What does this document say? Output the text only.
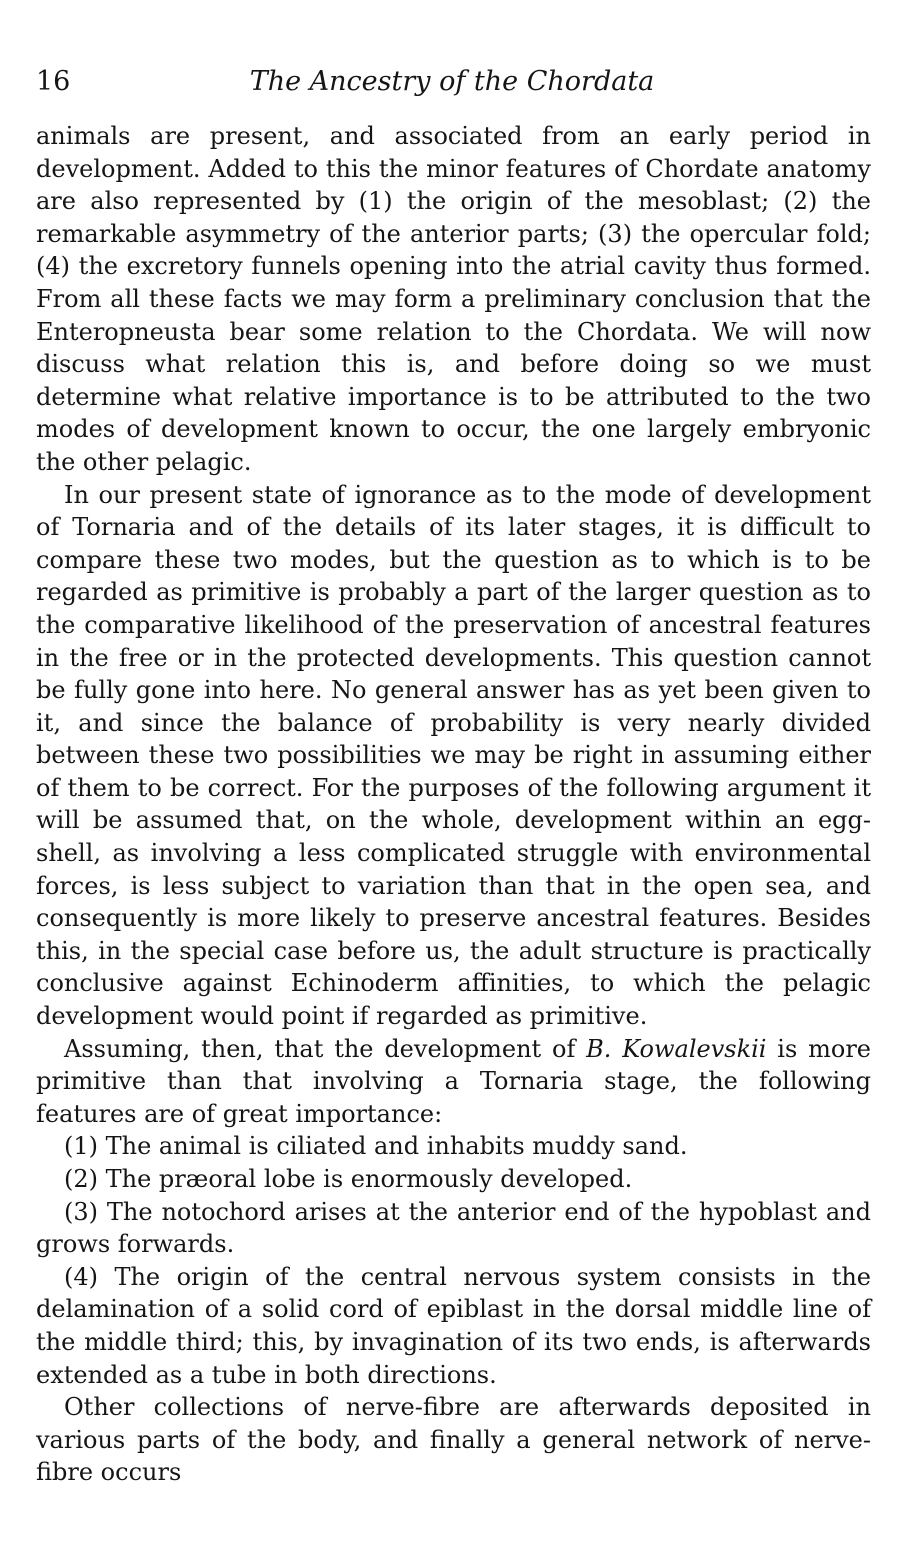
16	The Ancestry of the Chordata

animals are present, and associated from an early period in development. Added to this the minor features of Chordate anatomy are also represented by (1) the origin of the mesoblast; (2) the remarkable asymmetry of the anterior parts; (3) the opercular fold; (4) the excretory funnels opening into the atrial cavity thus formed. From all these facts we may form a preliminary conclusion that the Enteropneusta bear some relation to the Chordata. We will now discuss what relation this is, and before doing so we must determine what relative importance is to be attributed to the two modes of development known to occur, the one largely embryonic the other pelagic.

In our present state of ignorance as to the mode of development of Tornaria and of the details of its later stages, it is difficult to compare these two modes, but the question as to which is to be regarded as primitive is probably a part of the larger question as to the comparative likelihood of the preservation of ancestral features in the free or in the protected developments. This question cannot be fully gone into here. No general answer has as yet been given to it, and since the balance of probability is very nearly divided between these two possibilities we may be right in assuming either of them to be correct. For the purposes of the following argument it will be assumed that, on the whole, development within an egg-shell, as involving a less complicated struggle with environmental forces, is less subject to variation than that in the open sea, and consequently is more likely to preserve ancestral features. Besides this, in the special case before us, the adult structure is practically conclusive against Echinoderm affinities, to which the pelagic development would point if regarded as primitive.

Assuming, then, that the development of B. Kowalevskii is more primitive than that involving a Tornaria stage, the following features are of great importance:

(1) The animal is ciliated and inhabits muddy sand.

(2) The præoral lobe is enormously developed.

(3) The notochord arises at the anterior end of the hypoblast and grows forwards.

(4) The origin of the central nervous system consists in the delamination of a solid cord of epiblast in the dorsal middle line of the middle third; this, by invagination of its two ends, is afterwards extended as a tube in both directions.

Other collections of nerve-fibre are afterwards deposited in various parts of the body, and finally a general network of nerve-fibre occurs
